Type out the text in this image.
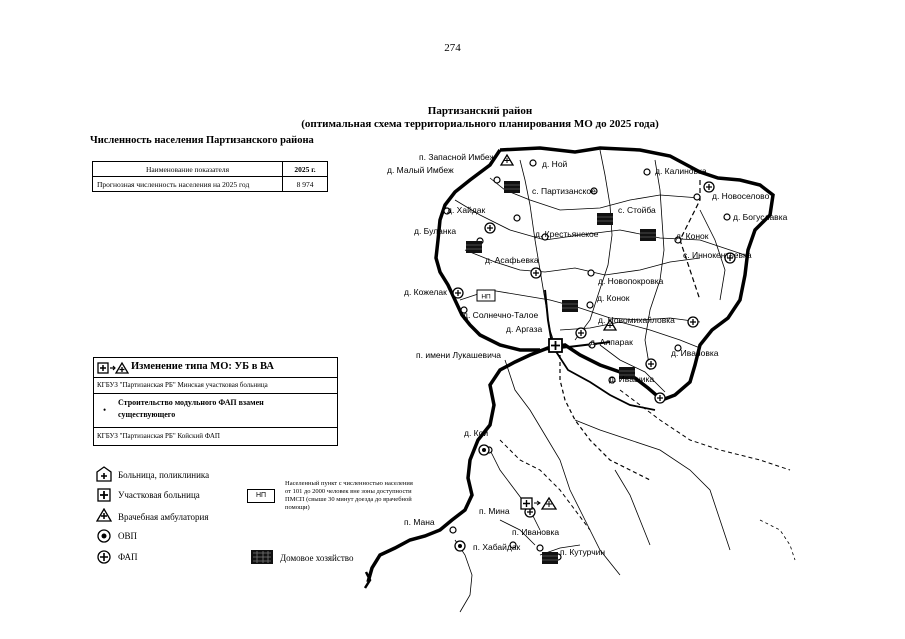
274
Партизанский район
(оптимальная схема территориального планирования МО до 2025 года)
Численность населения Партизанского района
Наименование показателя	2025 г.
Прогнозная численность населения на 2025 год	8 974
Изменение типа МО: УБ в ВА
КГБУЗ "Партизанская РБ" Минская участковая больница
•
Строительство модульного ФАП взамен существующего
КГБУЗ "Партизанская РБ" Койский ФАП
Больница, поликлиника
Участковая больница
Врачебная амбулатория
ОВП
ФАП
НП
Населенный пункт с численностью населения от 101 до 2000 человек вне зоны доступности ПМСП (свыше 30 минут доезда до врачебной помощи)
Домовое хозяйство
НП
п. Запасной Имбеж
д. Ной
д. Малый Имбеж	д. Калиновка
с. Партизанское	д. Новоселово
с. Стойба
д. Богуславка
д. Хайдак
д. Буланка	д. Крестьянское	д. Конок
с. Иннокентьевка
д. Асафьевка
д. Новопокровка
д. Кожелак
д. Конок
д. Солнечно-Талое	д. Новомихайловка
д. Аргаза
д. Алпарак
п. имени Лукашевича	д. Ивановка
д. Ивашика
д. Кой
п. Мина
п. Мана
п. Ивановка
п. Хабайдак	п. Кутурчин
